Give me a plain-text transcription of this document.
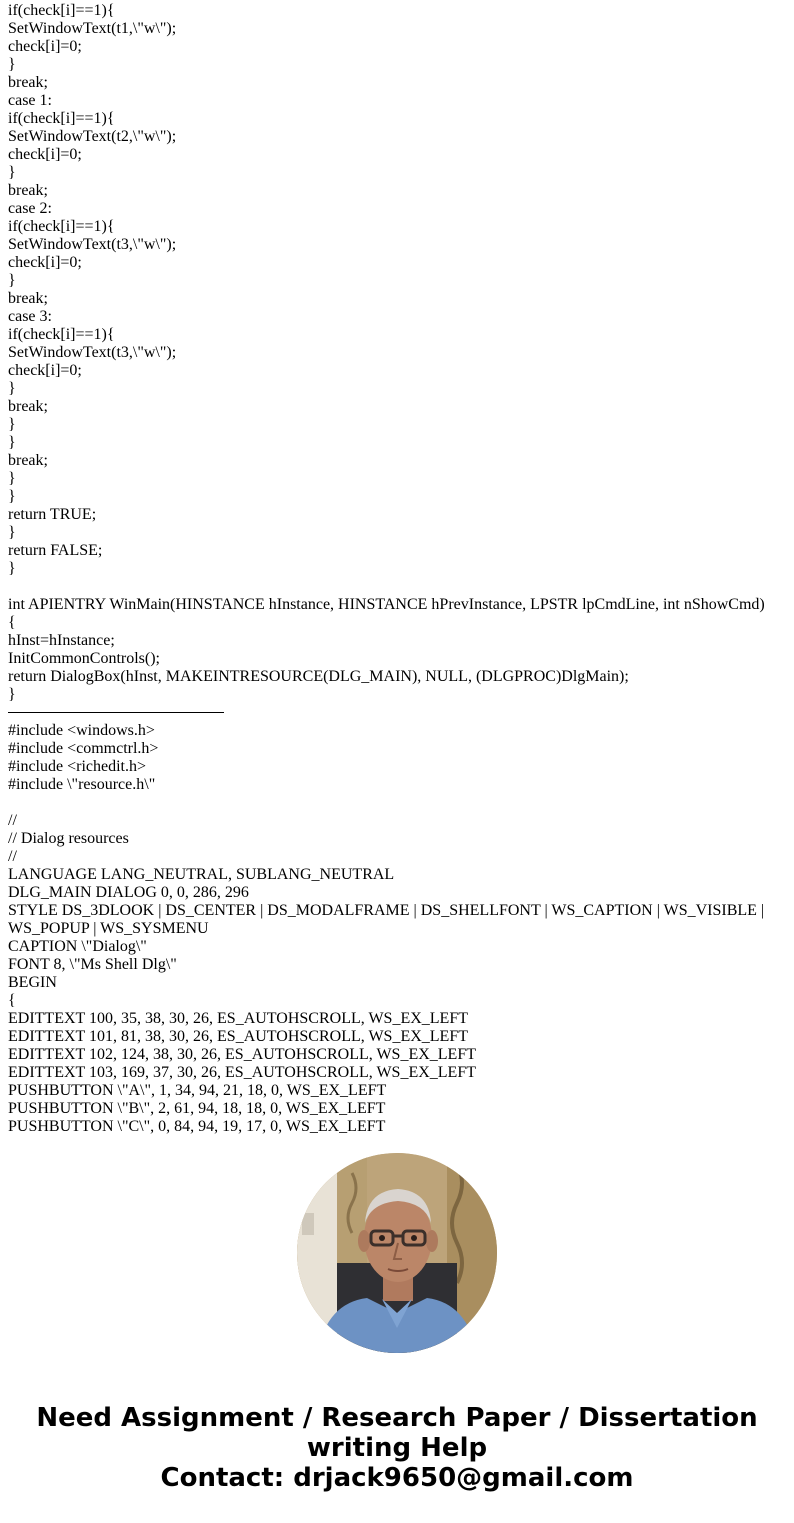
if(check[i]==1){
SetWindowText(t1,\"w\");
check[i]=0;
}
break;
case 1:
if(check[i]==1){
SetWindowText(t2,\"w\");
check[i]=0;
}
break;
case 2:
if(check[i]==1){
SetWindowText(t3,\"w\");
check[i]=0;
}
break;
case 3:
if(check[i]==1){
SetWindowText(t3,\"w\");
check[i]=0;
}
break;
}
}
break;
}
}
return TRUE;
}
return FALSE;
}
int APIENTRY WinMain(HINSTANCE hInstance, HINSTANCE hPrevInstance, LPSTR lpCmdLine, int nShowCmd)
{
hInst=hInstance;
InitCommonControls();
return DialogBox(hInst, MAKEINTRESOURCE(DLG_MAIN), NULL, (DLGPROC)DlgMain);
}
#include <windows.h>
#include <commctrl.h>
#include <richedit.h>
#include \"resource.h\"
//
// Dialog resources
//
LANGUAGE LANG_NEUTRAL, SUBLANG_NEUTRAL
DLG_MAIN DIALOG 0, 0, 286, 296
STYLE DS_3DLOOK | DS_CENTER | DS_MODALFRAME | DS_SHELLFONT | WS_CAPTION | WS_VISIBLE | WS_POPUP | WS_SYSMENU
CAPTION \"Dialog\"
FONT 8, \"Ms Shell Dlg\"
BEGIN
{
EDITTEXT 100, 35, 38, 30, 26, ES_AUTOHSCROLL, WS_EX_LEFT
EDITTEXT 101, 81, 38, 30, 26, ES_AUTOHSCROLL, WS_EX_LEFT
EDITTEXT 102, 124, 38, 30, 26, ES_AUTOHSCROLL, WS_EX_LEFT
EDITTEXT 103, 169, 37, 30, 26, ES_AUTOHSCROLL, WS_EX_LEFT
PUSHBUTTON \"A\", 1, 34, 94, 21, 18, 0, WS_EX_LEFT
PUSHBUTTON \"B\", 2, 61, 94, 18, 18, 0, WS_EX_LEFT
PUSHBUTTON \"C\", 0, 84, 94, 19, 17, 0, WS_EX_LEFT
Need Assignment / Research Paper / Dissertation
writing Help
Contact: drjack9650@gmail.com
